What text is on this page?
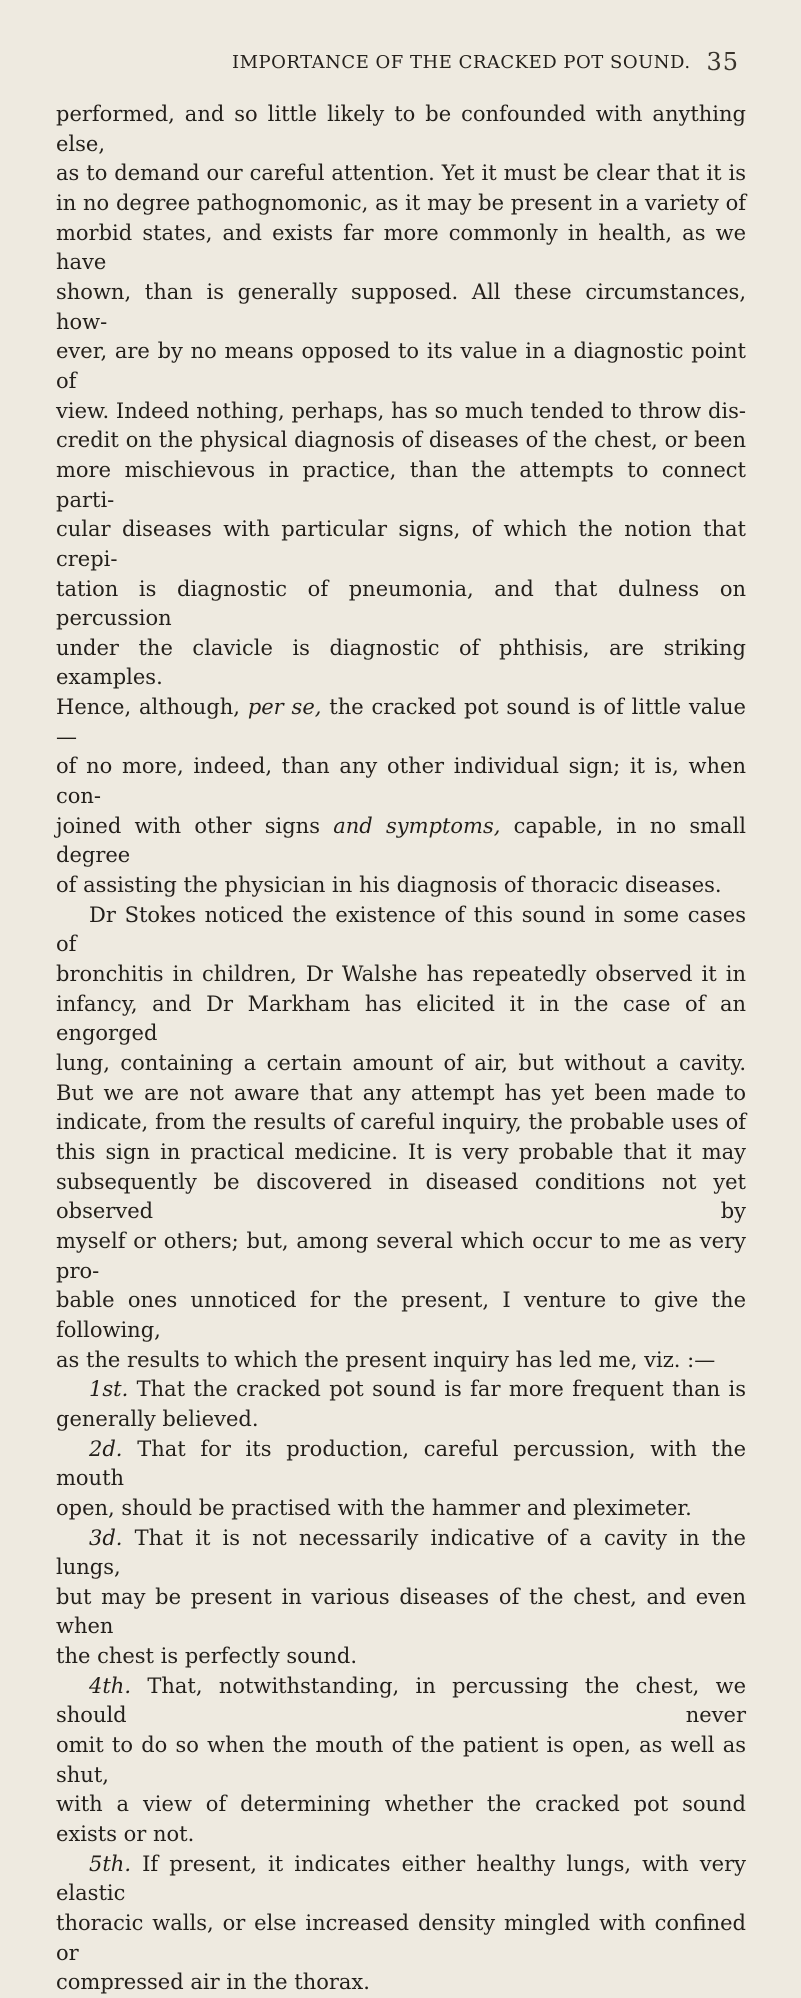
IMPORTANCE OF THE CRACKED POT SOUND. 35

performed, and so little likely to be confounded with anything else,

as to demand our careful attention. Yet it must be clear that it is

in no degree pathognomonic, as it may be present in a variety of

morbid states, and exists far more commonly in health, as we have

shown, than is generally supposed. All these circumstances, how-

ever, are by no means opposed to its value in a diagnostic point of

view. Indeed nothing, perhaps, has so much tended to throw dis-

credit on the physical diagnosis of diseases of the chest, or been

more mischievous in practice, than the attempts to connect parti-

cular diseases with particular signs, of which the notion that crepi-

tation is diagnostic of pneumonia, and that dulness on percussion

under the clavicle is diagnostic of phthisis, are striking examples.

Hence, although, per se, the cracked pot sound is of little value—

of no more, indeed, than any other individual sign; it is, when con-

joined with other signs and symptoms, capable, in no small degree

of assisting the physician in his diagnosis of thoracic diseases.

Dr Stokes noticed the existence of this sound in some cases of

bronchitis in children, Dr Walshe has repeatedly observed it in

infancy, and Dr Markham has elicited it in the case of an engorged

lung, containing a certain amount of air, but without a cavity.

But we are not aware that any attempt has yet been made to

indicate, from the results of careful inquiry, the probable uses of

this sign in practical medicine. It is very probable that it may

subsequently be discovered in diseased conditions not yet observed by

myself or others; but, among several which occur to me as very pro-

bable ones unnoticed for the present, I venture to give the following,

as the results to which the present inquiry has led me, viz. :—

1st. That the cracked pot sound is far more frequent than is

generally believed.

2d. That for its production, careful percussion, with the mouth

open, should be practised with the hammer and pleximeter.

3d. That it is not necessarily indicative of a cavity in the lungs,

but may be present in various diseases of the chest, and even when

the chest is perfectly sound.

4th. That, notwithstanding, in percussing the chest, we should never

omit to do so when the mouth of the patient is open, as well as shut,

with a view of determining whether the cracked pot sound exists or not.

5th. If present, it indicates either healthy lungs, with very elastic

thoracic walls, or else increased density mingled with confined or

compressed air in the thorax.
